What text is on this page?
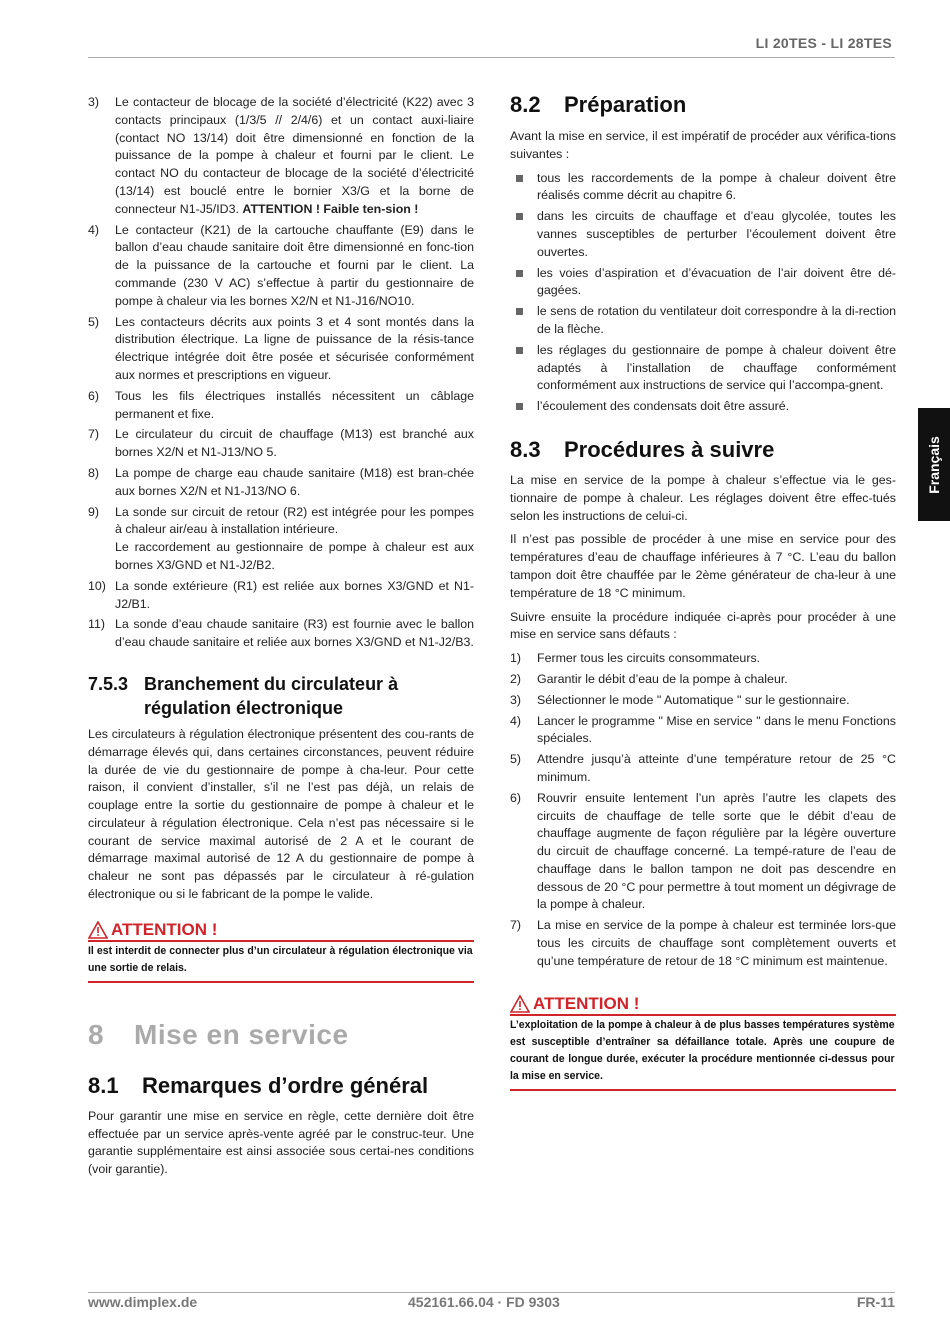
LI 20TES - LI 28TES
Français
3) Le contacteur de blocage de la société d’électricité (K22) avec 3 contacts principaux (1/3/5 // 2/4/6) et un contact auxi-liaire (contact NO 13/14) doit être dimensionné en fonction de la puissance de la pompe à chaleur et fourni par le client. Le contact NO du contacteur de blocage de la société d’électricité (13/14) est bouclé entre le bornier X3/G et la borne de connecteur N1-J5/ID3. ATTENTION ! Faible ten-sion !
4) Le contacteur (K21) de la cartouche chauffante (E9) dans le ballon d’eau chaude sanitaire doit être dimensionné en fonc-tion de la puissance de la cartouche et fourni par le client. La commande (230 V AC) s’effectue à partir du gestionnaire de pompe à chaleur via les bornes X2/N et N1-J16/NO10.
5) Les contacteurs décrits aux points 3 et 4 sont montés dans la distribution électrique. La ligne de puissance de la résis-tance électrique intégrée doit être posée et sécurisée conformément aux normes et prescriptions en vigueur.
6) Tous les fils électriques installés nécessitent un câblage permanent et fixe.
7) Le circulateur du circuit de chauffage (M13) est branché aux bornes X2/N et N1-J13/NO 5.
8) La pompe de charge eau chaude sanitaire (M18) est bran-chée aux bornes X2/N et N1-J13/NO 6.
9) La sonde sur circuit de retour (R2) est intégrée pour les pompes à chaleur air/eau à installation intérieure.
Le raccordement au gestionnaire de pompe à chaleur est aux bornes X3/GND et N1-J2/B2.
10) La sonde extérieure (R1) est reliée aux bornes X3/GND et N1-J2/B1.
11) La sonde d’eau chaude sanitaire (R3) est fournie avec le ballon d’eau chaude sanitaire et reliée aux bornes X3/GND et N1-J2/B3.
7.5.3 Branchement du circulateur à régulation électronique

Les circulateurs à régulation électronique présentent des cou-rants de démarrage élevés qui, dans certaines circonstances, peuvent réduire la durée de vie du gestionnaire de pompe à cha-leur. Pour cette raison, il convient d’installer, s’il ne l’est pas déjà, un relais de couplage entre la sortie du gestionnaire de pompe à chaleur et le circulateur à régulation électronique. Cela n’est pas nécessaire si le courant de service maximal autorisé de 2 A et le courant de démarrage maximal autorisé de 12 A du gestionnaire de pompe à chaleur ne sont pas dépassés par le circulateur à ré-gulation électronique ou si le fabricant de la pompe le valide.

ATTENTION !
Il est interdit de connecter plus d’un circulateur à régulation électronique via une sortie de relais.
8 Mise en service
8.1 Remarques d’ordre général

Pour garantir une mise en service en règle, cette dernière doit être effectuée par un service après-vente agréé par le construc-teur. Une garantie supplémentaire est ainsi associée sous certai-nes conditions (voir garantie).

8.2 Préparation

Avant la mise en service, il est impératif de procéder aux vérifica-tions suivantes :

tous les raccordements de la pompe à chaleur doivent être réalisés comme décrit au chapitre 6.
dans les circuits de chauffage et d’eau glycolée, toutes les vannes susceptibles de perturber l’écoulement doivent être ouvertes.
les voies d’aspiration et d’évacuation de l’air doivent être dé-gagées.
le sens de rotation du ventilateur doit correspondre à la di-rection de la flèche.
les réglages du gestionnaire de pompe à chaleur doivent être adaptés à l’installation de chauffage conformément conformément aux instructions de service qui l’accompa-gnent.
l’écoulement des condensats doit être assuré.
8.3 Procédures à suivre

La mise en service de la pompe à chaleur s’effectue via le ges-tionnaire de pompe à chaleur. Les réglages doivent être effec-tués selon les instructions de celui-ci.

Il n’est pas possible de procéder à une mise en service pour des températures d’eau de chauffage inférieures à 7 °C. L’eau du ballon tampon doit être chauffée par le 2ème générateur de cha-leur à une température de 18 °C minimum.

Suivre ensuite la procédure indiquée ci-après pour procéder à une mise en service sans défauts :

1) Fermer tous les circuits consommateurs.
2) Garantir le débit d’eau de la pompe à chaleur.
3) Sélectionner le mode " Automatique " sur le gestionnaire.
4) Lancer le programme " Mise en service " dans le menu Fonctions spéciales.
5) Attendre jusqu’à atteinte d’une température retour de 25 °C minimum.
6) Rouvrir ensuite lentement l’un après l’autre les clapets des circuits de chauffage de telle sorte que le débit d’eau de chauffage augmente de façon régulière par la légère ouverture du circuit de chauffage concerné. La tempé-rature de l’eau de chauffage dans le ballon tampon ne doit pas descendre en dessous de 20 °C pour permettre à tout moment un dégivrage de la pompe à chaleur.
7) La mise en service de la pompe à chaleur est terminée lors-que tous les circuits de chauffage sont complètement ouverts et qu’une température de retour de 18 °C minimum est maintenue.
ATTENTION !
L’exploitation de la pompe à chaleur à de plus basses températures système est susceptible d’entraîner sa défaillance totale. Après une coupure de courant de longue durée, exécuter la procédure mentionnée ci-dessus pour la mise en service.
www.dimplex.de	452161.66.04 · FD 9303	FR-11
